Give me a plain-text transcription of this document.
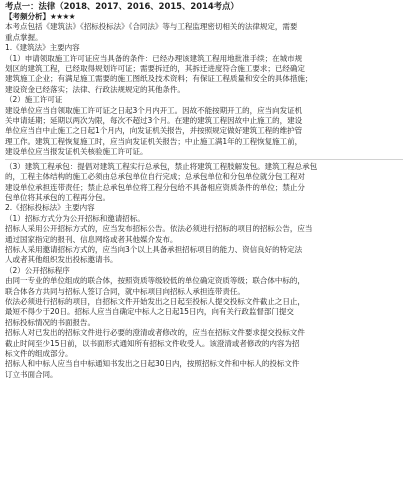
考点一：法律（2018、2017、2016、2015、2014考点）
【考频分析】★★★★
本考点包括《建筑法》《招标投标法》《合同法》等与工程监理密切相关的法律规定，需要
重点掌握。
1.《建筑法》主要内容
（1）申请领取施工许可证应当具备的条件：已经办理该建筑工程用地批准手续；在城市规
划区的建筑工程，已经取得规划许可证；需要拆迁的，其拆迁进度符合施工要求；已经确定
建筑施工企业；有满足施工需要的施工图纸及技术资料；有保证工程质量和安全的具体措施；
建设资金已经落实；法律、行政法规规定的其他条件。
（2）施工许可证
建设单位应当自领取施工许可证之日起3个月内开工。因故不能按期开工的，应当向发证机
关申请延期；延期以两次为限，每次不超过3个月。在建的建筑工程因故中止施工的，建设
单位应当自中止施工之日起1个月内，向发证机关报告，并按照规定做好建筑工程的维护管
理工作。建筑工程恢复施工时，应当向发证机关报告；中止施工满1年的工程恢复施工前，
建设单位应当报发证机关核验施工许可证。
（3）建筑工程承包：提倡对建筑工程实行总承包，禁止将建筑工程肢解发包。建筑工程总承包
的，工程主体结构的施工必须由总承包单位自行完成；总承包单位和分包单位就分包工程对
建设单位承担连带责任；禁止总承包单位将工程分包给不具备相应资质条件的单位；禁止分
包单位将其承包的工程再分包。
2.《招标投标法》主要内容
（1）招标方式分为公开招标和邀请招标。
招标人采用公开招标方式的，应当发布招标公告。依法必须进行招标的项目的招标公告，应当
通过国家指定的报刊、信息网络或者其他媒介发布。
招标人采用邀请招标方式的，应当向3个以上具备承担招标项目的能力、资信良好的特定法
人或者其他组织发出投标邀请书。
（2）公开招标程序
由同一专业的单位组成的联合体，按照资质等级较低的单位确定资质等级；联合体中标的，
联合体各方共同与招标人签订合同，就中标项目向招标人承担连带责任。
依法必须进行招标的项目，自招标文件开始发出之日起至投标人提交投标文件截止之日止，
最短不得少于20日。招标人应当自确定中标人之日起15日内，向有关行政监督部门提交
招标投标情况的书面报告。
招标人对已发出的招标文件进行必要的澄清或者修改的，应当在招标文件要求提交投标文件
截止时间至少15日前，以书面形式通知所有招标文件收受人。该澄清或者修改的内容为招
标文件的组成部分。
招标人和中标人应当自中标通知书发出之日起30日内，按照招标文件和中标人的投标文件
订立书面合同。
